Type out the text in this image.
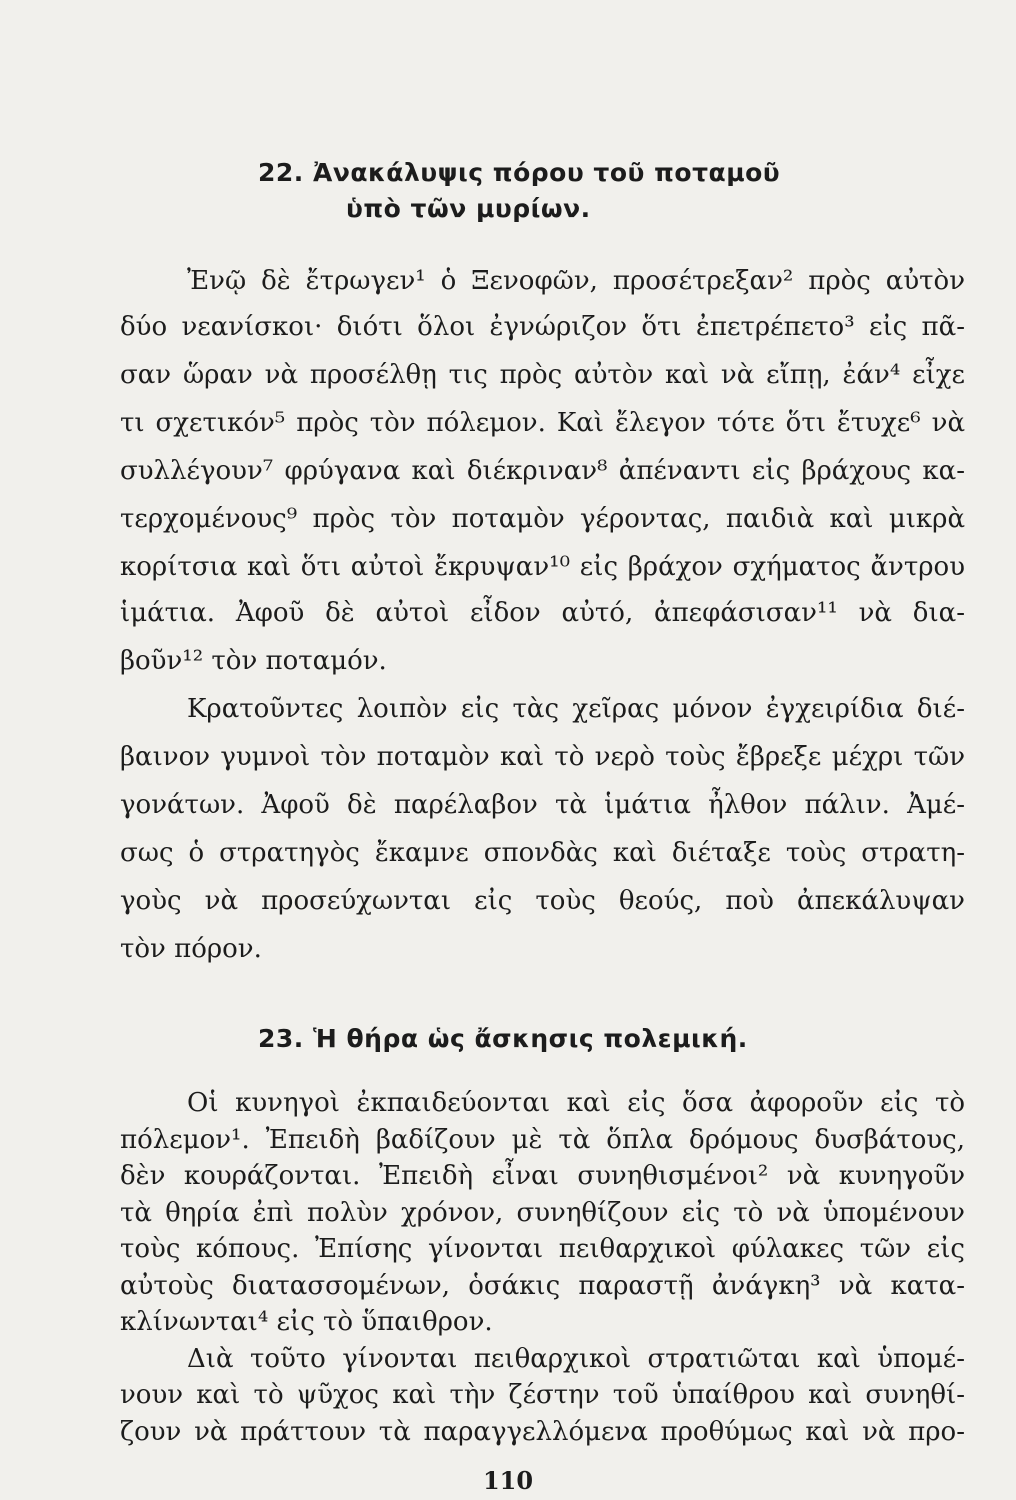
22. Ἀνακάλυψις πόρου τοῦ ποταμοῦ
ὑπὸ τῶν μυρίων.
Ἐνῷ δὲ ἔτρωγεν¹ ὁ Ξενοφῶν, προσέτρεξαν² πρὸς αὐτὸν
δύο νεανίσκοι· διότι ὅλοι ἐγνώριζον ὅτι ἐπετρέπετο³ εἰς πᾶ-
σαν ὥραν νὰ προσέλθῃ τις πρὸς αὐτὸν καὶ νὰ εἴπῃ, ἐάν⁴ εἶχε
τι σχετικόν⁵ πρὸς τὸν πόλεμον. Καὶ ἔλεγον τότε ὅτι ἔτυχε⁶ νὰ
συλλέγουν⁷ φρύγανα καὶ διέκριναν⁸ ἀπέναντι εἰς βράχους κα-
τερχομένους⁹ πρὸς τὸν ποταμὸν γέροντας, παιδιὰ καὶ μικρὰ
κορίτσια καὶ ὅτι αὐτοὶ ἔκρυψαν¹⁰ εἰς βράχον σχήματος ἄντρου
ἱμάτια. Ἀφοῦ δὲ αὐτοὶ εἶδον αὐτό, ἀπεφάσισαν¹¹ νὰ δια-
βοῦν¹² τὸν ποταμόν.
Κρατοῦντες λοιπὸν εἰς τὰς χεῖρας μόνον ἐγχειρίδια διέ-
βαινον γυμνοὶ τὸν ποταμὸν καὶ τὸ νερὸ τοὺς ἔβρεξε μέχρι τῶν
γονάτων. Ἀφοῦ δὲ παρέλαβον τὰ ἱμάτια ἦλθον πάλιν. Ἀμέ-
σως ὁ στρατηγὸς ἔκαμνε σπονδὰς καὶ διέταξε τοὺς στρατη-
γοὺς νὰ προσεύχωνται εἰς τοὺς θεούς, ποὺ ἀπεκάλυψαν
τὸν πόρον.
23. Ἡ θήρα ὡς ἄσκησις πολεμική.
Οἱ κυνηγοὶ ἐκπαιδεύονται καὶ εἰς ὅσα ἀφοροῦν εἰς τὸ
πόλεμον¹. Ἐπειδὴ βαδίζουν μὲ τὰ ὅπλα δρόμους δυσβάτους,
δὲν κουράζονται. Ἐπειδὴ εἶναι συνηθισμένοι² νὰ κυνηγοῦν
τὰ θηρία ἐπὶ πολὺν χρόνον, συνηθίζουν εἰς τὸ νὰ ὑπομένουν
τοὺς κόπους. Ἐπίσης γίνονται πειθαρχικοὶ φύλακες τῶν εἰς
αὐτοὺς διατασσομένων, ὁσάκις παραστῇ ἀνάγκη³ νὰ κατα-
κλίνωνται⁴ εἰς τὸ ὕπαιθρον.
110
Διὰ τοῦτο γίνονται πειθαρχικοὶ στρατιῶται καὶ ὑπομέ-
νουν καὶ τὸ ψῦχος καὶ τὴν ζέστην τοῦ ὑπαίθρου καὶ συνηθί-
ζουν νὰ πράττουν τὰ παραγγελλόμενα προθύμως καὶ νὰ προ-
